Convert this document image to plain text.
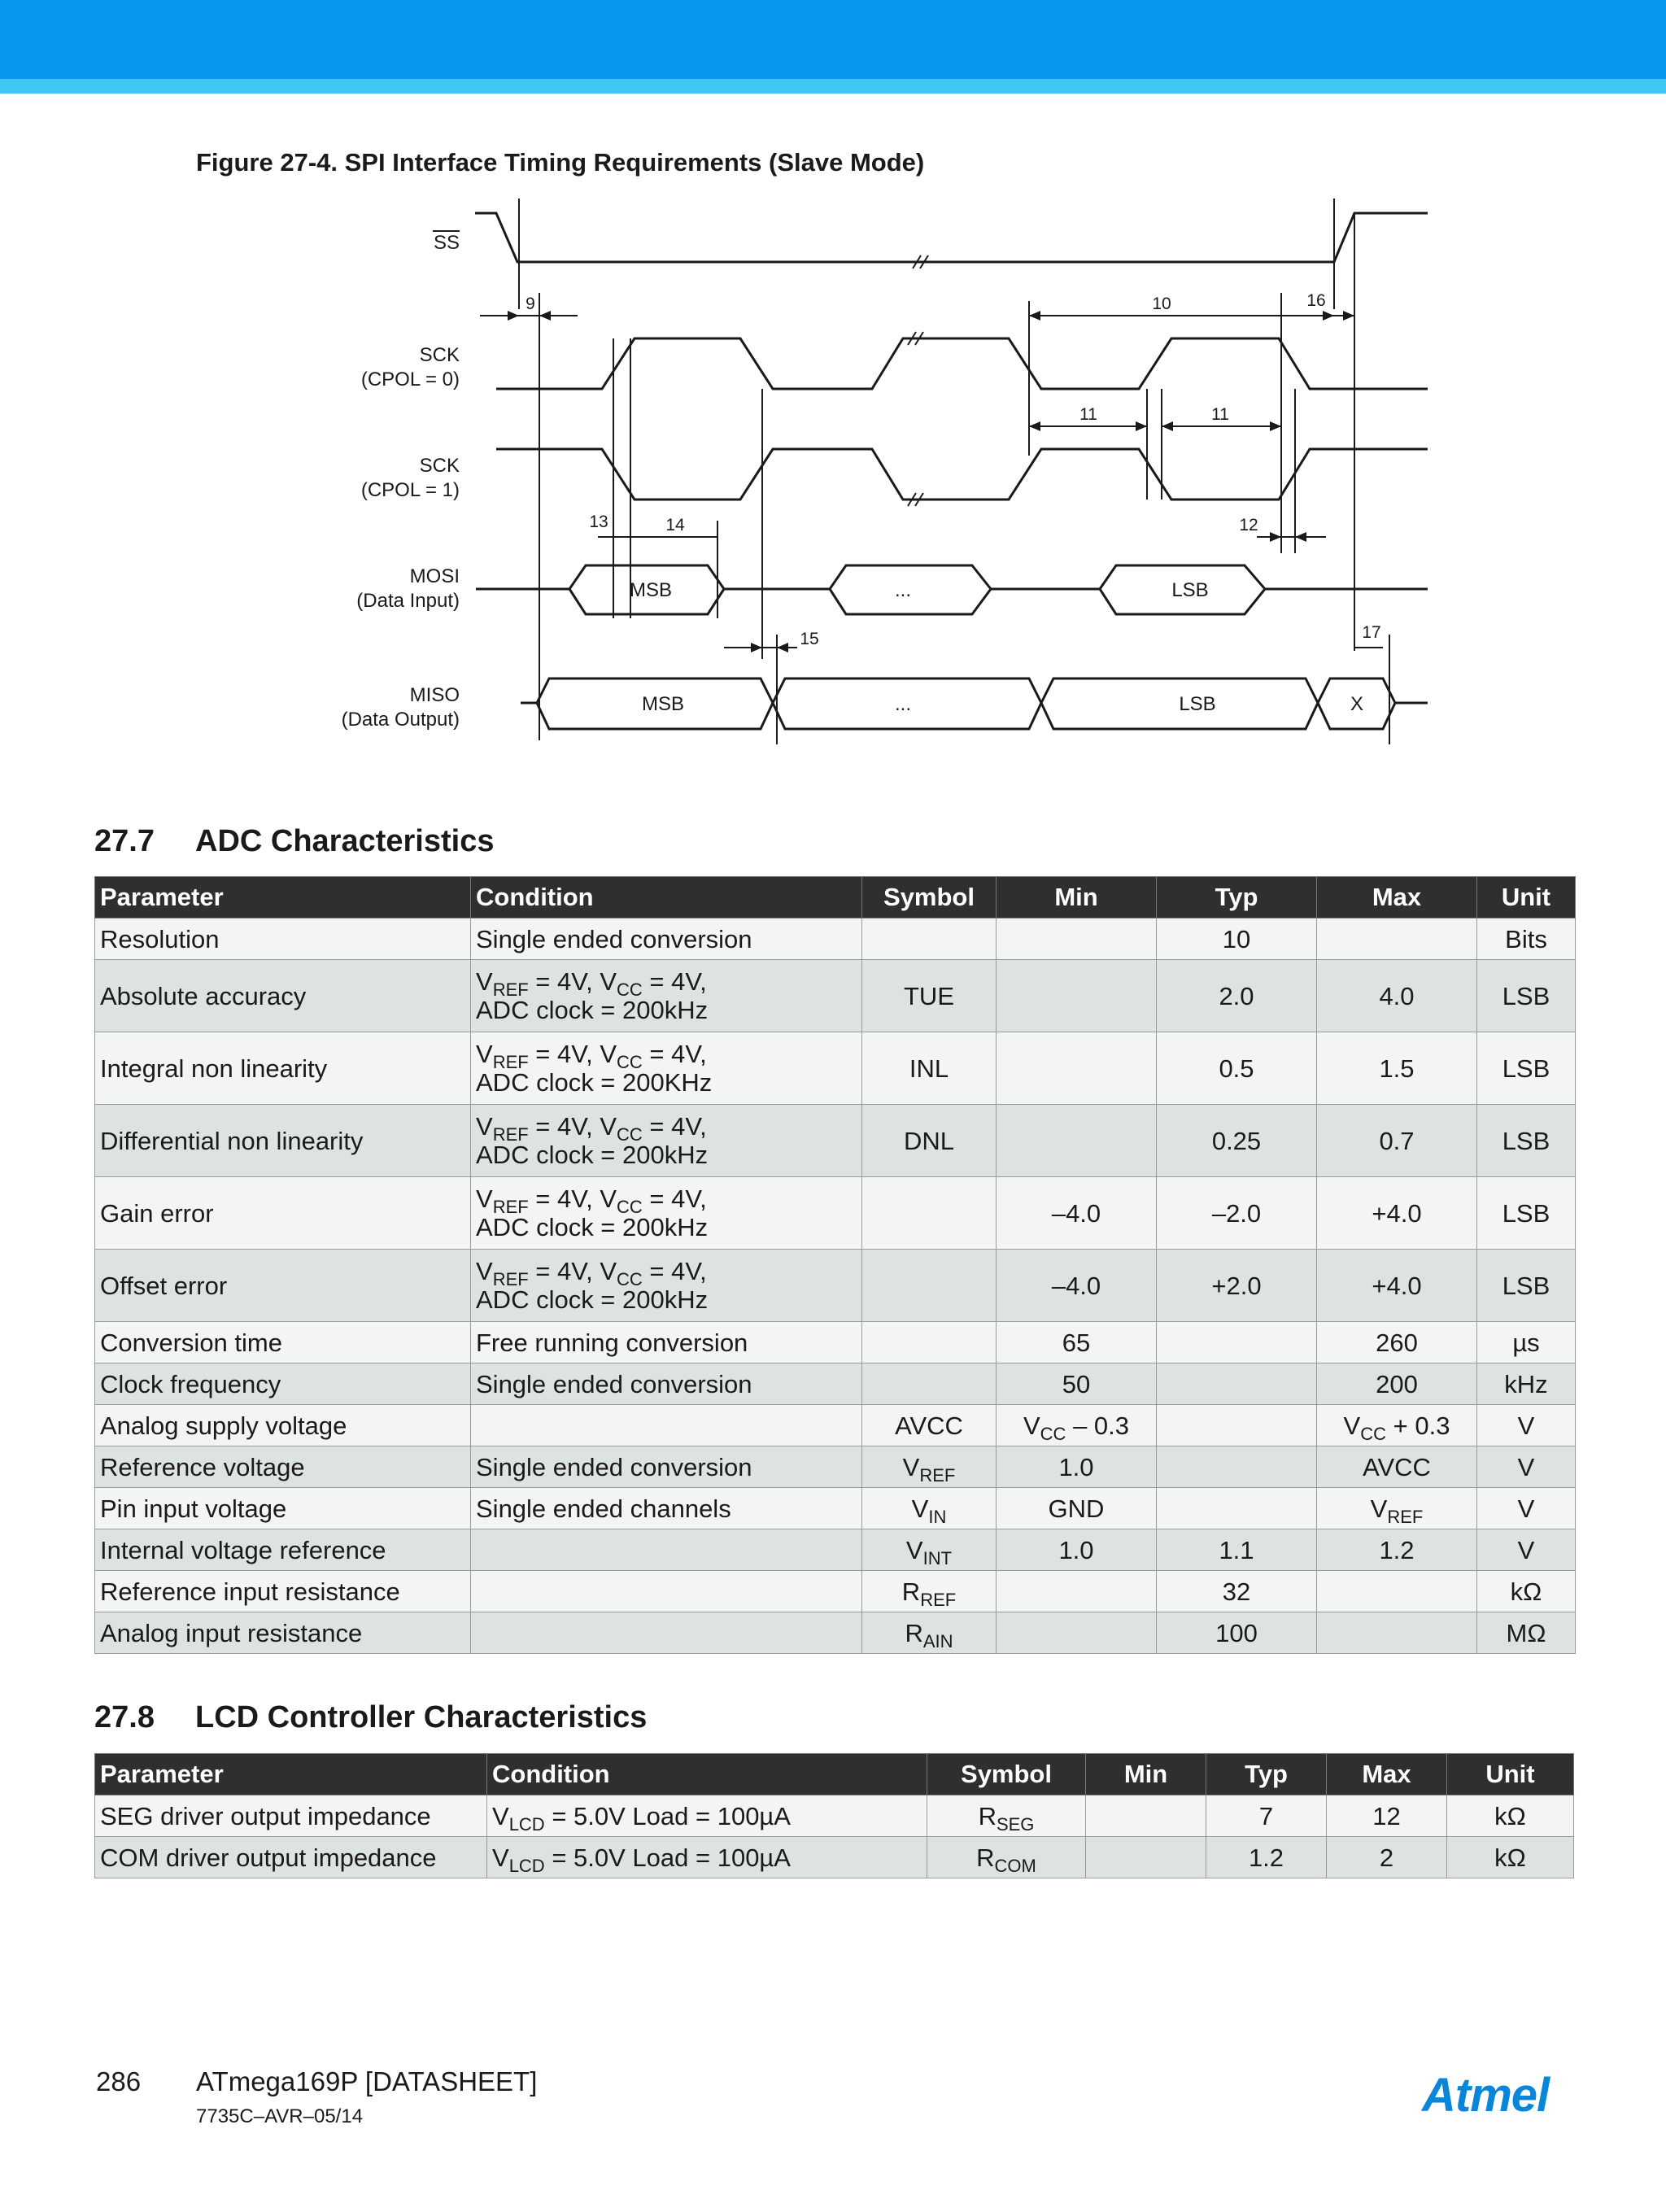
Figure 27-4. SPI Interface Timing Requirements (Slave Mode)
SS
SCK
(CPOL = 0)
SCK
(CPOL = 1)
MOSI
(Data Input)
MISO
(Data Output)
9	10	16
11	11
13	14	12
15	17
MSB	...	LSB
MSB	...	LSB	X
27.7 ADC Characteristics
Parameter	Condition	Symbol	Min	Typ	Max	Unit
Resolution	Single ended conversion			10		Bits
Absolute accuracy	$V_{REF} = 4V$, $V_{CC} = 4V$,
ADC clock = 200kHz	TUE		2.0	4.0	LSB
Integral non linearity	$V_{REF} = 4V$, $V_{CC} = 4V$,
ADC clock = 200KHz	INL		0.5	1.5	LSB
Differential non linearity	$V_{REF} = 4V$, $V_{CC} = 4V$,
ADC clock = 200kHz	DNL		0.25	0.7	LSB
Gain error	$V_{REF} = 4V$, $V_{CC} = 4V$,
ADC clock = 200kHz		–4.0	–2.0	+4.0	LSB
Offset error	$V_{REF} = 4V$, $V_{CC} = 4V$,
ADC clock = 200kHz		–4.0	+2.0	+4.0	LSB
Conversion time	Free running conversion		65		260	µs
Clock frequency	Single ended conversion		50		200	kHz
Analog supply voltage		AVCC	$V_{CC} - 0.3$		$V_{CC} + 0.3$	V
Reference voltage	Single ended conversion	$V_{REF}$	1.0		AVCC	V
Pin input voltage	Single ended channels	$V_{IN}$	GND		$V_{REF}$	V
Internal voltage reference		$V_{INT}$	1.0	1.1	1.2	V
Reference input resistance		$R_{REF}$		32		kΩ
Analog input resistance		$R_{AIN}$		100		MΩ
27.8 LCD Controller Characteristics
Parameter	Condition	Symbol	Min	Typ	Max	Unit
SEG driver output impedance	$V_{LCD} = 5.0V$ Load = 100µA	$R_{SEG}$		7	12	kΩ
COM driver output impedance	$V_{LCD} = 5.0V$ Load = 100µA	$R_{COM}$		1.2	2	kΩ
286 ATmega169P [DATASHEET]
7735C–AVR–05/14	Atmel
